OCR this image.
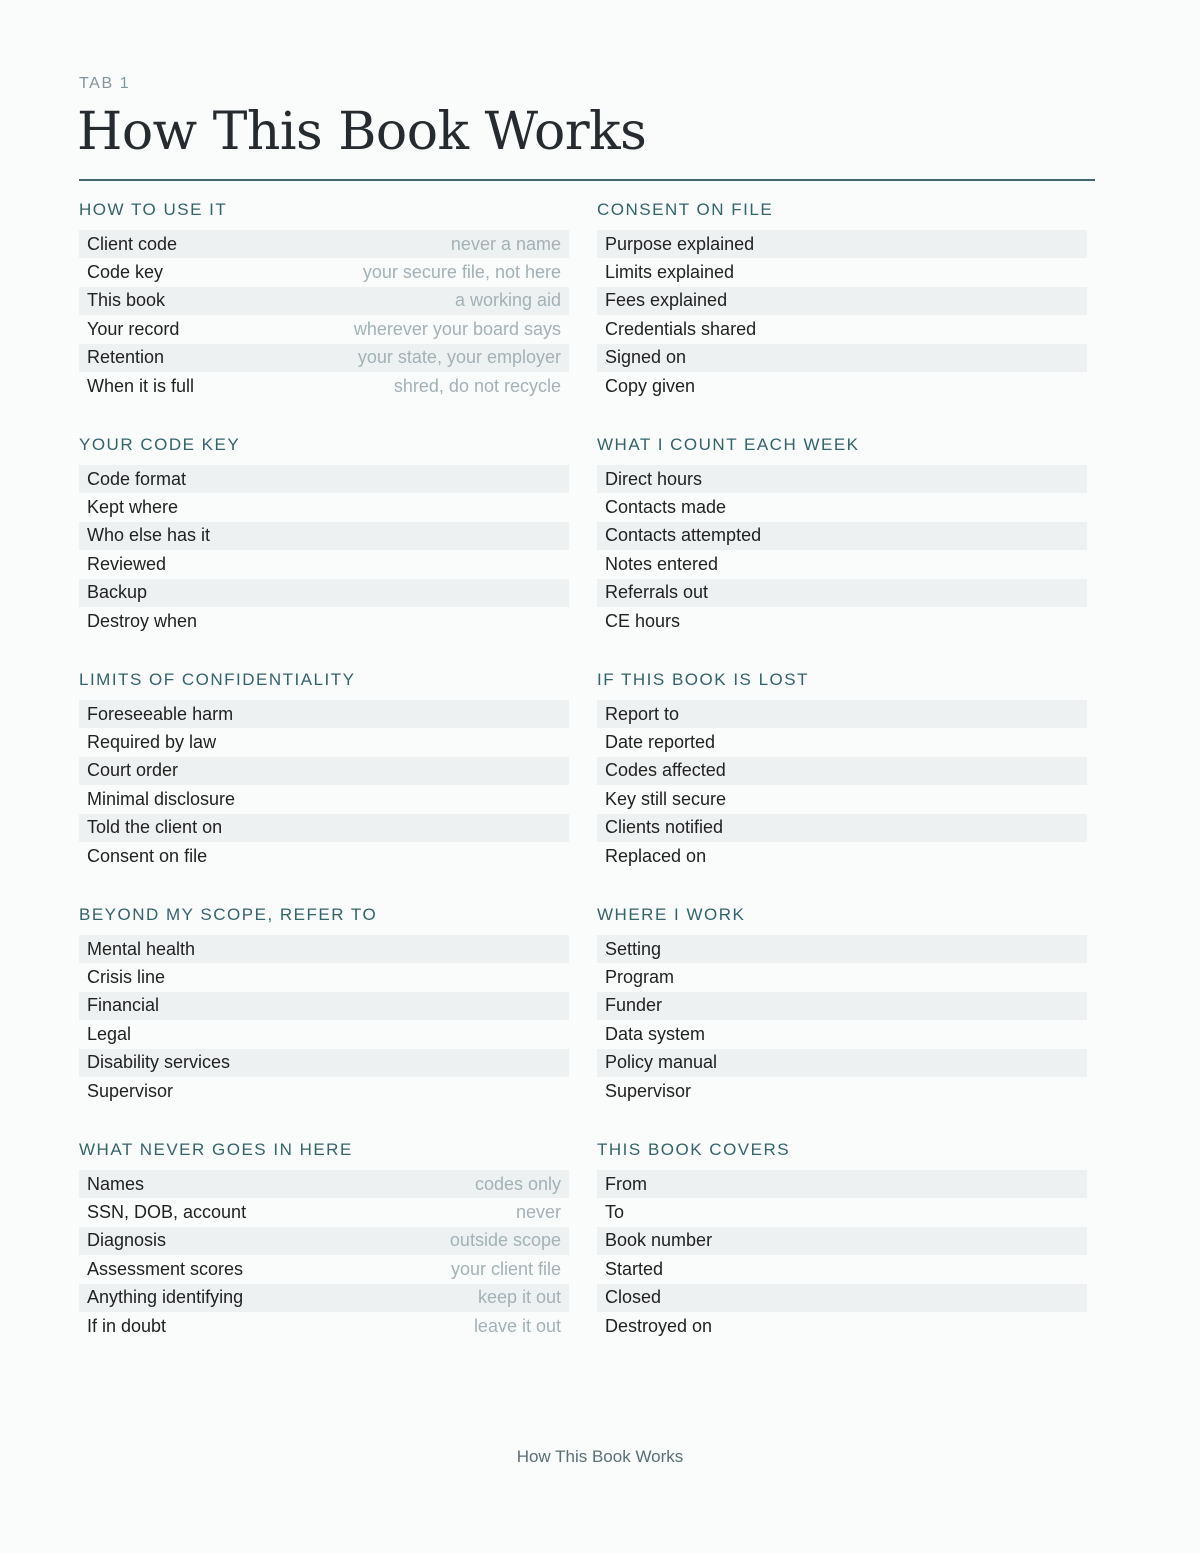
TAB 1
How This Book Works
HOW TO USE IT
Client code	never a name
Code key	your secure file, not here
This book	a working aid
Your record	wherever your board says
Retention	your state, your employer
When it is full	shred, do not recycle
CONSENT ON FILE
Purpose explained
Limits explained
Fees explained
Credentials shared
Signed on
Copy given
YOUR CODE KEY
Code format
Kept where
Who else has it
Reviewed
Backup
Destroy when
WHAT I COUNT EACH WEEK
Direct hours
Contacts made
Contacts attempted
Notes entered
Referrals out
CE hours
LIMITS OF CONFIDENTIALITY
Foreseeable harm
Required by law
Court order
Minimal disclosure
Told the client on
Consent on file
IF THIS BOOK IS LOST
Report to
Date reported
Codes affected
Key still secure
Clients notified
Replaced on
BEYOND MY SCOPE, REFER TO
Mental health
Crisis line
Financial
Legal
Disability services
Supervisor
WHERE I WORK
Setting
Program
Funder
Data system
Policy manual
Supervisor
WHAT NEVER GOES IN HERE
Names	codes only
SSN, DOB, account	never
Diagnosis	outside scope
Assessment scores	your client file
Anything identifying	keep it out
If in doubt	leave it out
THIS BOOK COVERS
From
To
Book number
Started
Closed
Destroyed on
How This Book Works
